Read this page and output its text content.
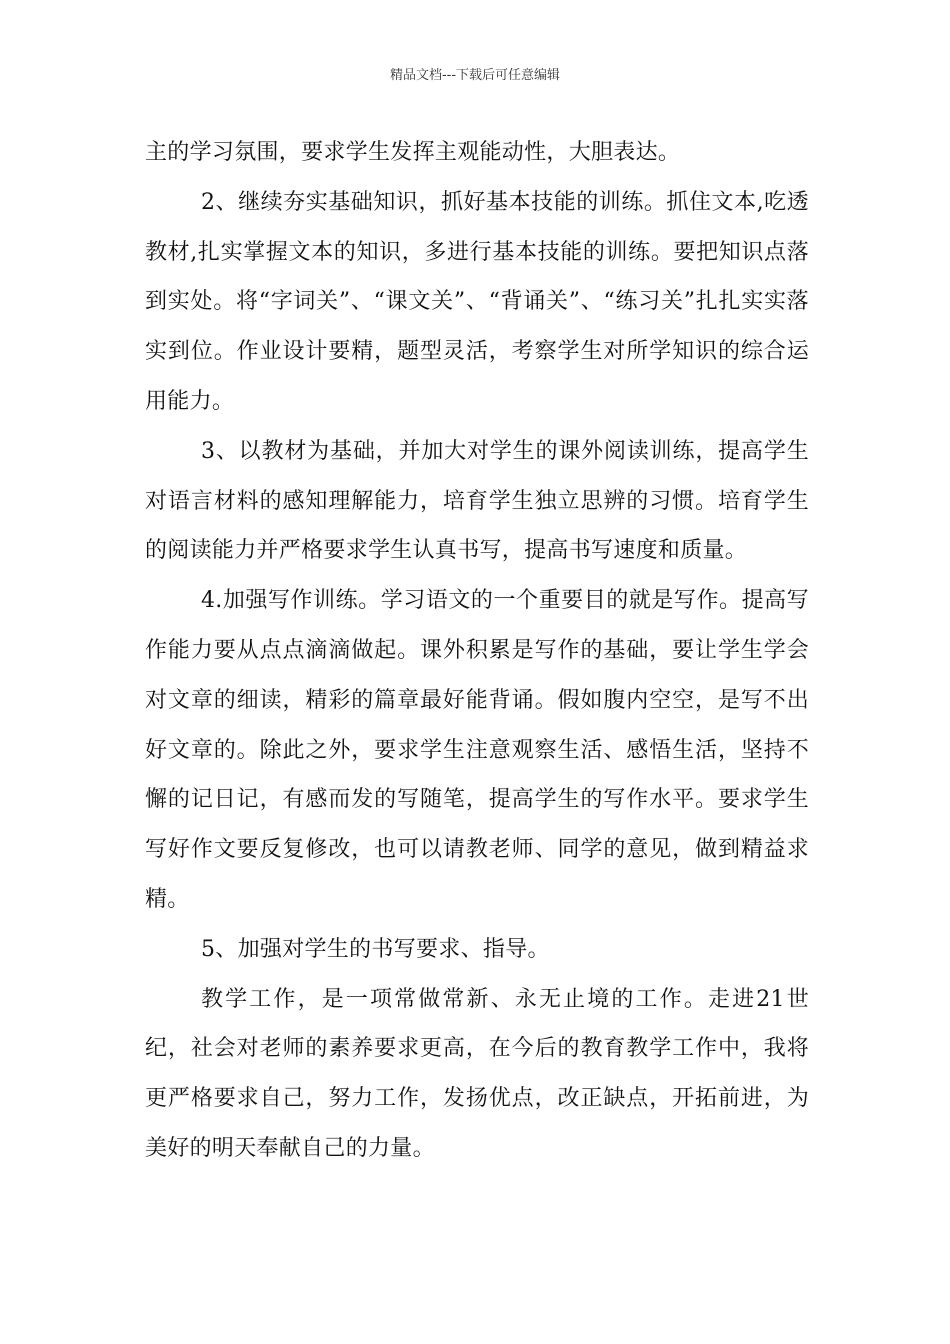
精品文档---下载后可任意编辑

主的学习氛围，要求学生发挥主观能动性，大胆表达。

2、继续夯实基础知识，抓好基本技能的训练。抓住文本,吃透教材,扎实掌握文本的知识，多进行基本技能的训练。要把知识点落到实处。将“字词关”、“课文关”、“背诵关”、“练习关”扎扎实实落实到位。作业设计要精，题型灵活，考察学生对所学知识的综合运用能力。

3、以教材为基础，并加大对学生的课外阅读训练，提高学生对语言材料的感知理解能力，培育学生独立思辨的习惯。培育学生的阅读能力并严格要求学生认真书写，提高书写速度和质量。

4.加强写作训练。学习语文的一个重要目的就是写作。提高写作能力要从点点滴滴做起。课外积累是写作的基础，要让学生学会对文章的细读，精彩的篇章最好能背诵。假如腹内空空，是写不出好文章的。除此之外，要求学生注意观察生活、感悟生活，坚持不懈的记日记，有感而发的写随笔，提高学生的写作水平。要求学生写好作文要反复修改，也可以请教老师、同学的意见，做到精益求精。

5、加强对学生的书写要求、指导。

教学工作，是一项常做常新、永无止境的工作。走进21世纪，社会对老师的素养要求更高，在今后的教育教学工作中，我将更严格要求自己，努力工作，发扬优点，改正缺点，开拓前进，为美好的明天奉献自己的力量。
